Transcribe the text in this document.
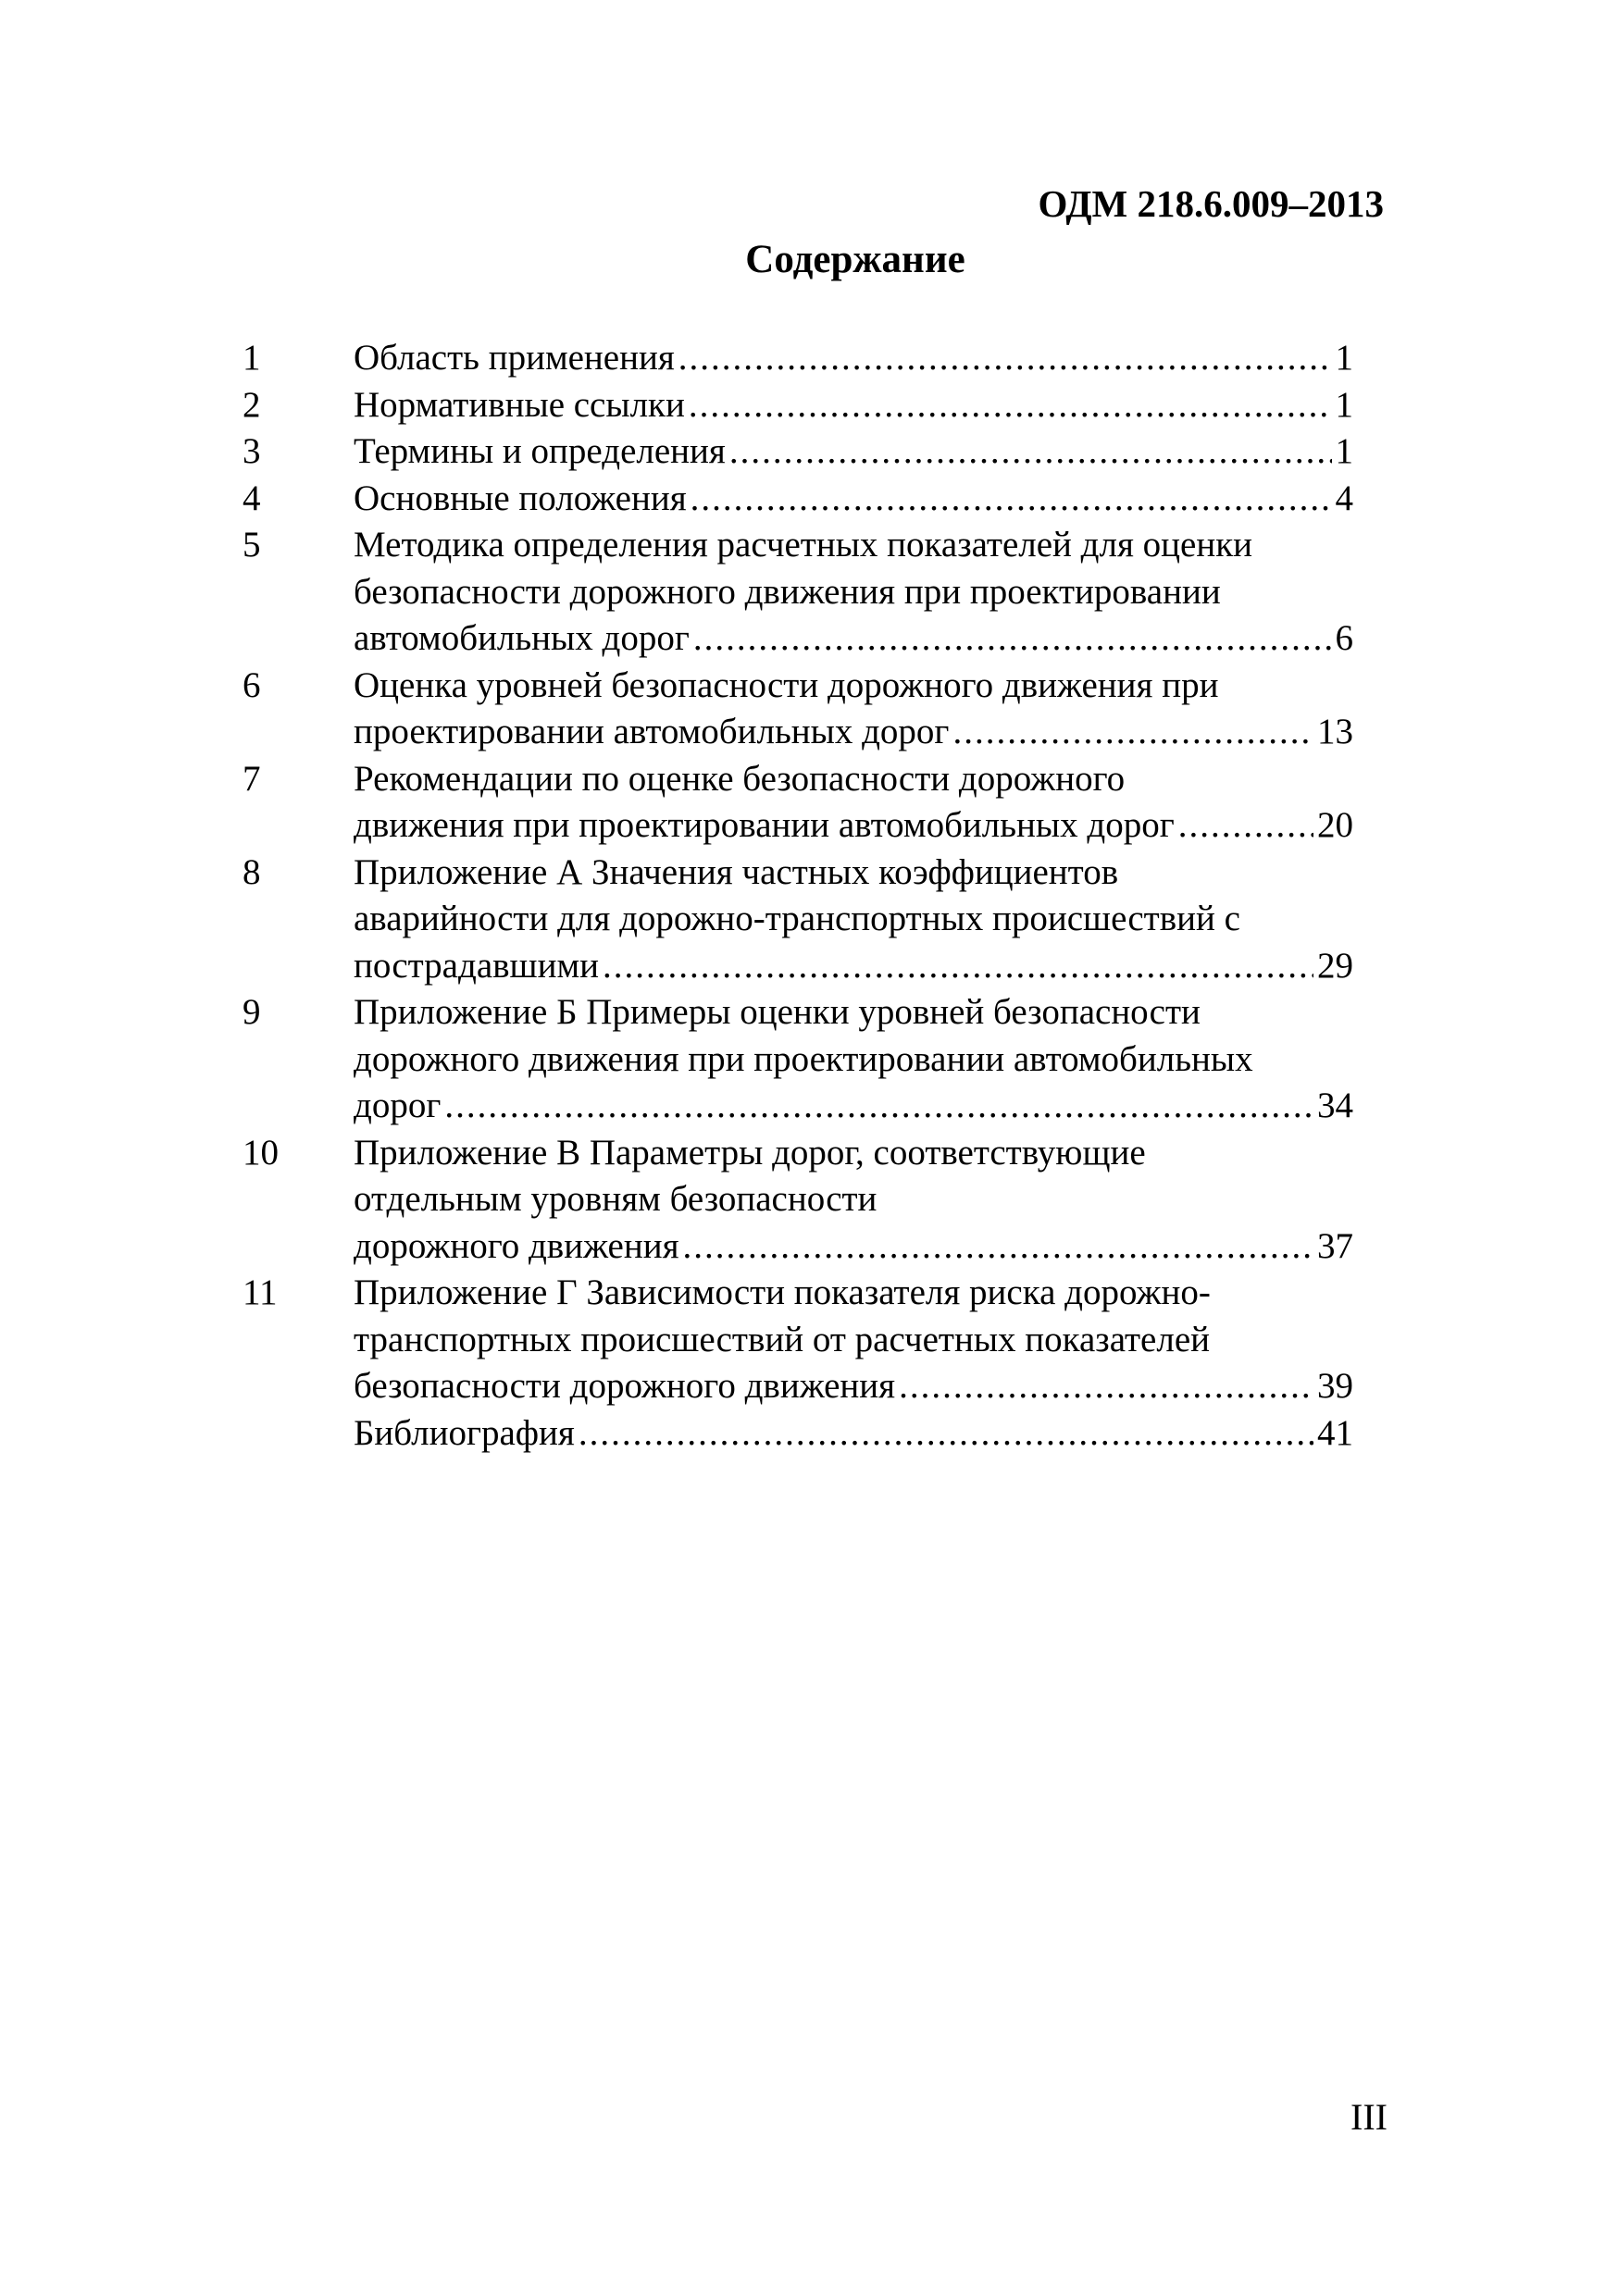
ОДМ 218.6.009–2013
Содержание
1	Область применения .....	1
2	Нормативные ссылки .....	1
3	Термины и определения .....	1
4	Основные положения .....	4
5	Методика определения расчетных показателей для оценки
безопасности дорожного движения при проектировании
автомобильных дорог .....	6
6	Оценка уровней безопасности дорожного движения при
проектировании автомобильных дорог .....	13
7	Рекомендации по оценке безопасности дорожного
движения при проектировании автомобильных дорог .....	20
8	Приложение А Значения частных коэффициентов
аварийности для дорожно-транспортных происшествий с
пострадавшими .....	29
9	Приложение Б Примеры оценки уровней безопасности
дорожного движения при проектировании автомобильных
дорог .....	34
10	Приложение В Параметры дорог, соответствующие
отдельным уровням безопасности
дорожного движения .....	37
11	Приложение Г Зависимости показателя риска дорожно-
транспортных происшествий от расчетных показателей
безопасности дорожного движения .....	39
Библиография .....	41
III
